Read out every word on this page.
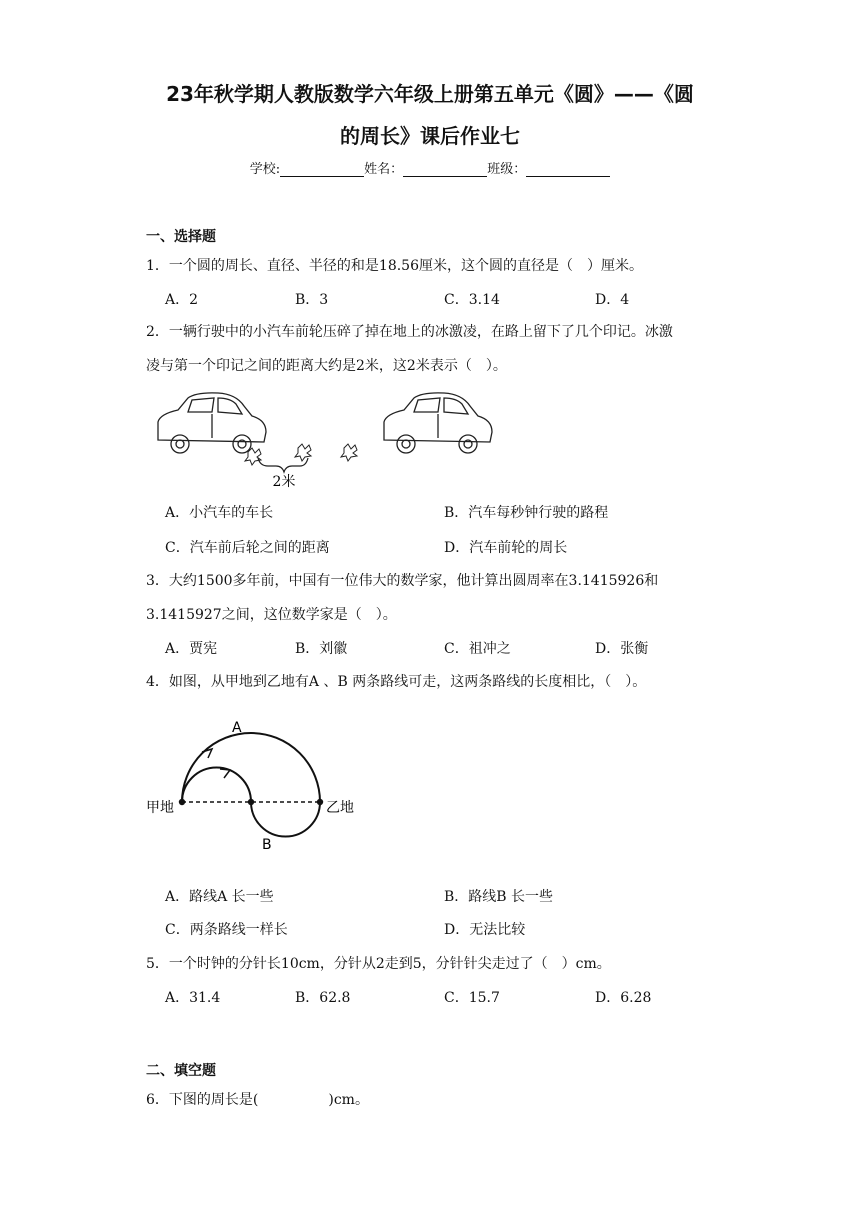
23年秋学期人教版数学六年级上册第五单元《圆》——《圆
的周长》课后作业七
学校:	姓名：	班级：
一、选择题
1．一个圆的周长、直径、半径的和是18.56厘米，这个圆的直径是（　）厘米。
A．2	B．3	C．3.14	D．4
2．一辆行驶中的小汽车前轮压碎了掉在地上的冰激凌，在路上留下了几个印记。冰激
凌与第一个印记之间的距离大约是2米，这2米表示（　）。
2米
A．小汽车的车长	B．汽车每秒钟行驶的路程
C．汽车前后轮之间的距离	D．汽车前轮的周长
3．大约1500多年前，中国有一位伟大的数学家，他计算出圆周率在3.1415926和
3.1415927之间，这位数学家是（　）。
A．贾宪	B．刘徽	C．祖冲之	D．张衡
4．如图，从甲地到乙地有A 、B 两条路线可走，这两条路线的长度相比，（　）。
A
B
甲地	乙地
A．路线A 长一些	B．路线B 长一些
C．两条路线一样长	D．无法比较
5．一个时钟的分针长10cm，分针从2走到5，分针针尖走过了（　）cm。
A．31.4	B．62.8	C．15.7	D．6.28
二、填空题
6．下图的周长是(　　　　　)cm。
